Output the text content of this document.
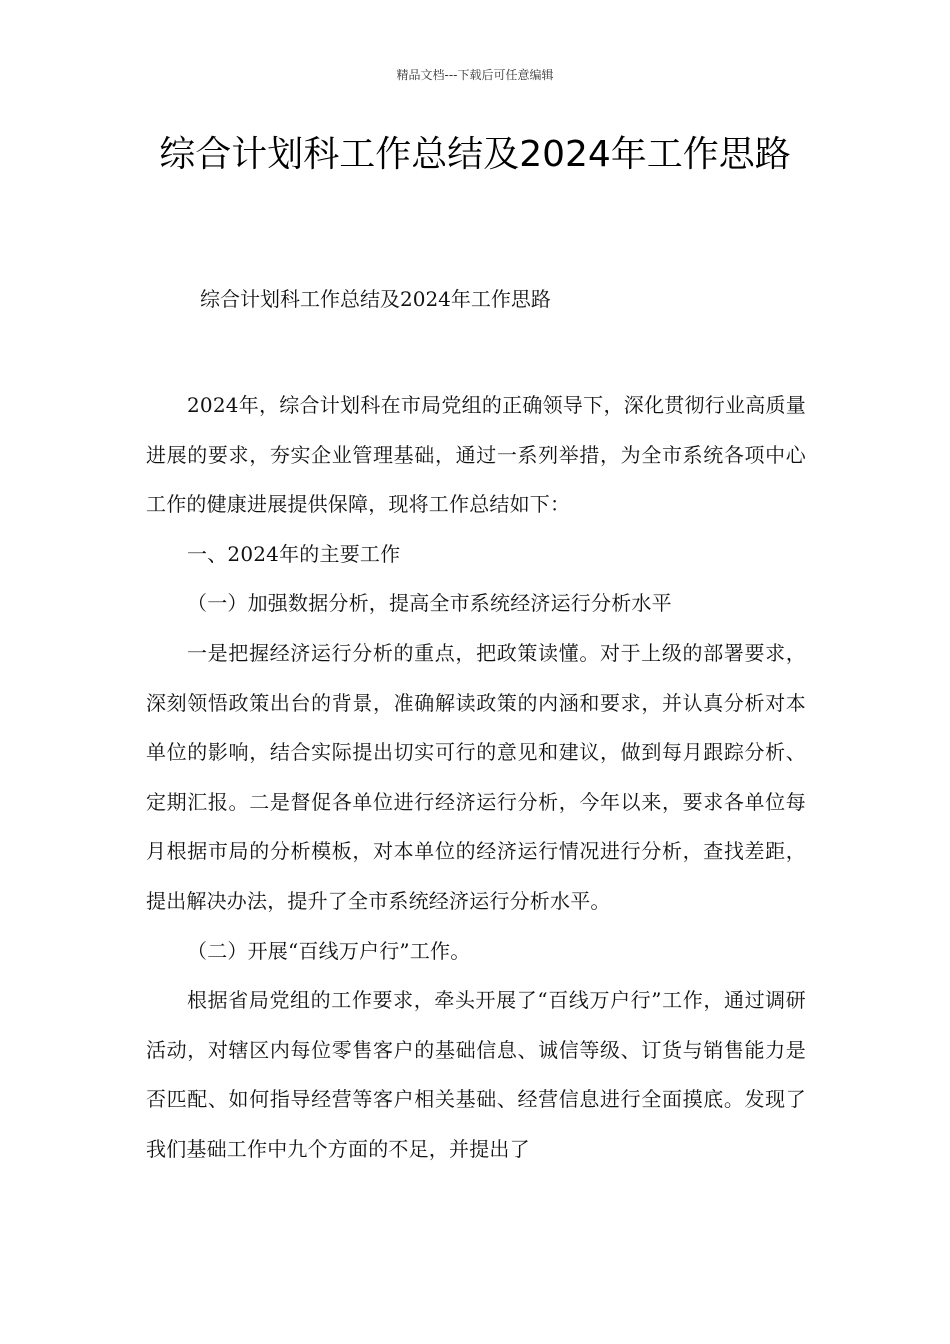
精品文档---下载后可任意编辑
综合计划科工作总结及2024年工作思路
综合计划科工作总结及2024年工作思路

2024年，综合计划科在市局党组的正确领导下，深化贯彻行业高质量进展的要求，夯实企业管理基础，通过一系列举措，为全市系统各项中心工作的健康进展提供保障，现将工作总结如下：

一、2024年的主要工作

（一）加强数据分析，提高全市系统经济运行分析水平

一是把握经济运行分析的重点，把政策读懂。对于上级的部署要求，深刻领悟政策出台的背景，准确解读政策的内涵和要求，并认真分析对本单位的影响，结合实际提出切实可行的意见和建议，做到每月跟踪分析、定期汇报。二是督促各单位进行经济运行分析，今年以来，要求各单位每月根据市局的分析模板，对本单位的经济运行情况进行分析，查找差距，提出解决办法，提升了全市系统经济运行分析水平。

（二）开展“百线万户行”工作。

根据省局党组的工作要求，牵头开展了“百线万户行”工作，通过调研活动，对辖区内每位零售客户的基础信息、诚信等级、订货与销售能力是否匹配、如何指导经营等客户相关基础、经营信息进行全面摸底。发现了我们基础工作中九个方面的不足，并提出了
